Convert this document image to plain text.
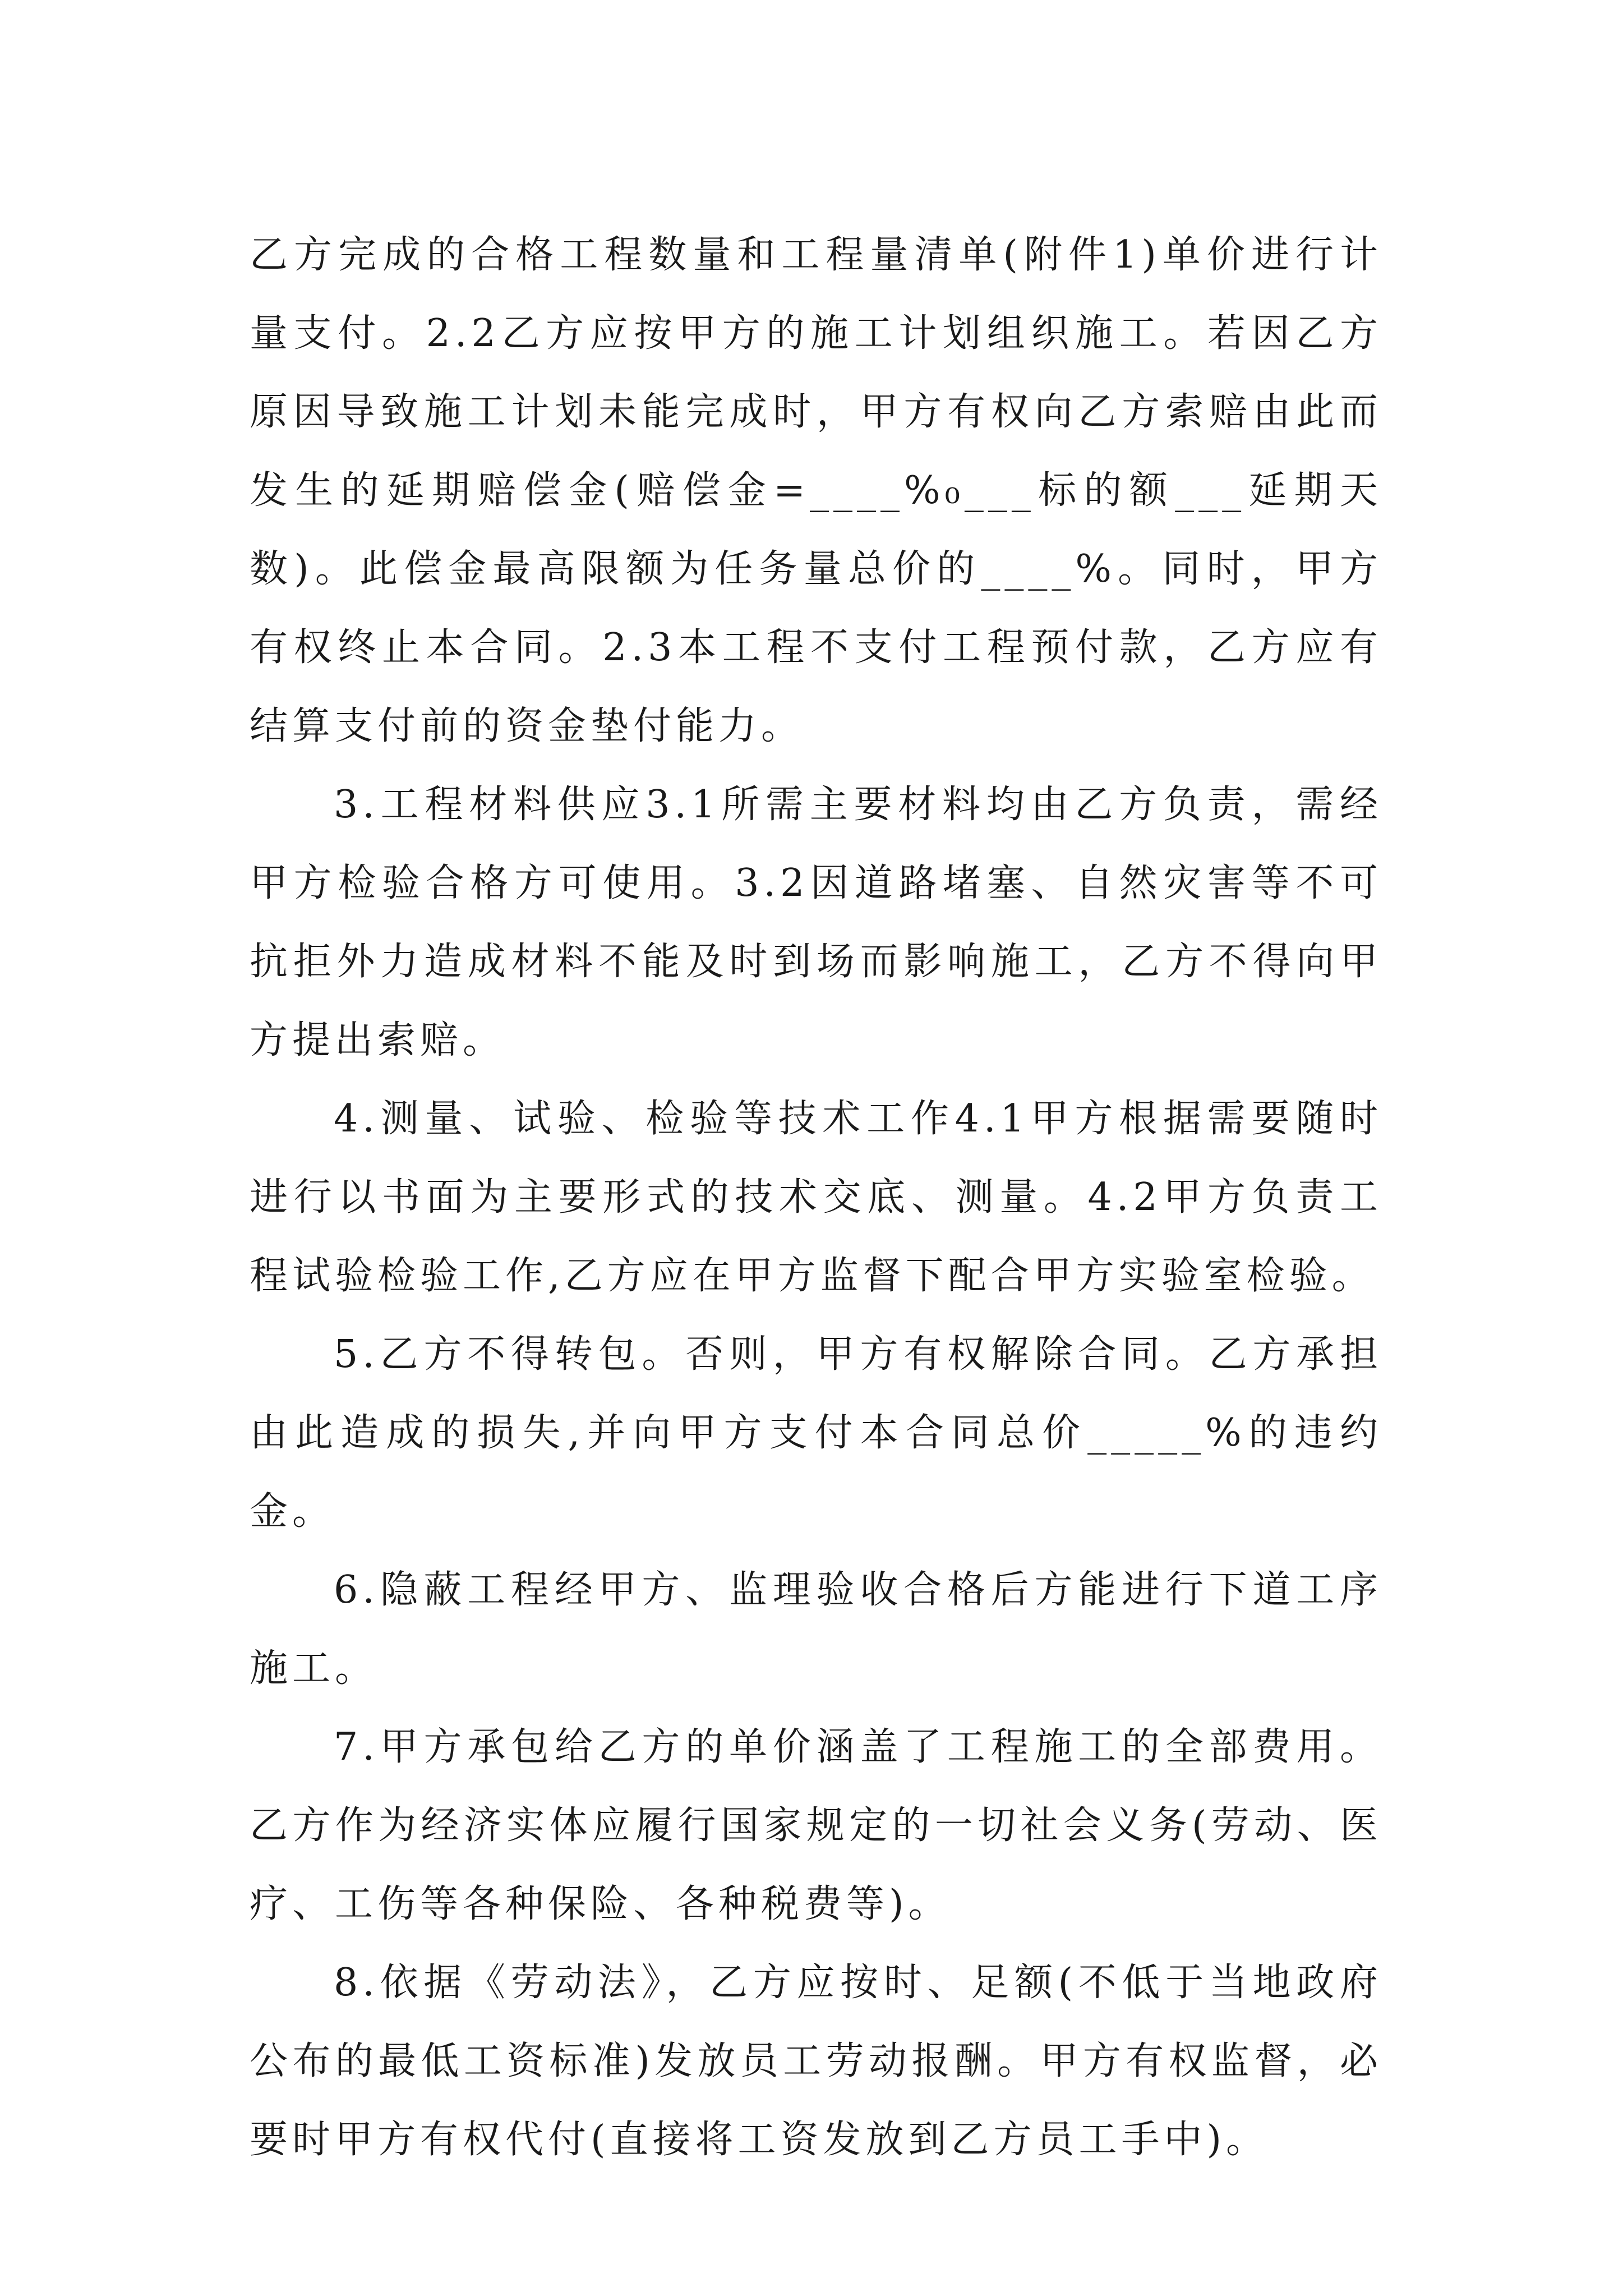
乙方完成的合格工程数量和工程量清单(附件1)单价进行计量支付。2.2乙方应按甲方的施工计划组织施工。若因乙方原因导致施工计划未能完成时，甲方有权向乙方索赔由此而发生的延期赔偿金(赔偿金=____%₀___标的额___延期天数)。此偿金最高限额为任务量总价的____%。同时，甲方有权终止本合同。2.3本工程不支付工程预付款，乙方应有结算支付前的资金垫付能力。

3.工程材料供应3.1所需主要材料均由乙方负责，需经甲方检验合格方可使用。3.2因道路堵塞、自然灾害等不可抗拒外力造成材料不能及时到场而影响施工，乙方不得向甲方提出索赔。

4.测量、试验、检验等技术工作4.1甲方根据需要随时进行以书面为主要形式的技术交底、测量。4.2甲方负责工程试验检验工作,乙方应在甲方监督下配合甲方实验室检验。

5.乙方不得转包。否则，甲方有权解除合同。乙方承担由此造成的损失,并向甲方支付本合同总价_____%的违约金。

6.隐蔽工程经甲方、监理验收合格后方能进行下道工序施工。

7.甲方承包给乙方的单价涵盖了工程施工的全部费用。乙方作为经济实体应履行国家规定的一切社会义务(劳动、医疗、工伤等各种保险、各种税费等)。

8.依据《劳动法》，乙方应按时、足额(不低于当地政府公布的最低工资标准)发放员工劳动报酬。甲方有权监督，必要时甲方有权代付(直接将工资发放到乙方员工手中)。
